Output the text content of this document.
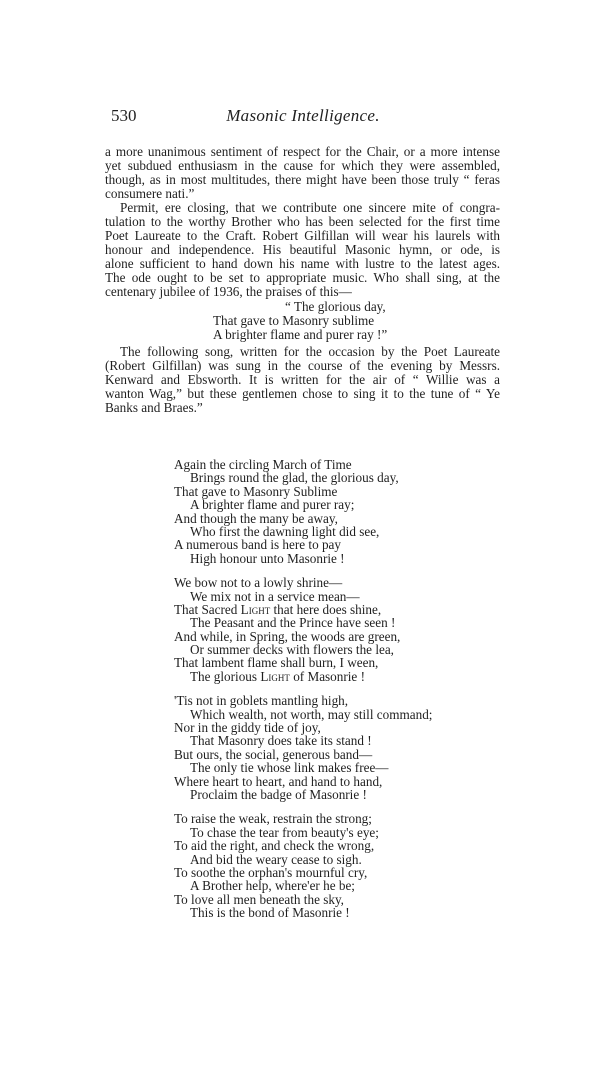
530	Masonic Intelligence.
a more unanimous sentiment of respect for the Chair, or a more intense
yet subdued enthusiasm in the cause for which they were assembled,
though, as in most multitudes, there might have been those truly “ feras
consumere nati.”
Permit, ere closing, that we contribute one sincere mite of congra-
tulation to the worthy Brother who has been selected for the first time
Poet Laureate to the Craft. Robert Gilfillan will wear his laurels with
honour and independence. His beautiful Masonic hymn, or ode, is
alone sufficient to hand down his name with lustre to the latest ages.
The ode ought to be set to appropriate music. Who shall sing, at the
centenary jubilee of 1936, the praises of this—
“ The glorious day,
That gave to Masonry sublime
A brighter flame and purer ray !”
The following song, written for the occasion by the Poet Laureate
(Robert Gilfillan) was sung in the course of the evening by Messrs.
Kenward and Ebsworth. It is written for the air of “ Willie was a
wanton Wag,” but these gentlemen chose to sing it to the tune of “ Ye
Banks and Braes.”
Again the circling March of Time
Brings round the glad, the glorious day,
That gave to Masonry Sublime
A brighter flame and purer ray;
And though the many be away,
Who first the dawning light did see,
A numerous band is here to pay
High honour unto Masonrie !
We bow not to a lowly shrine—
We mix not in a service mean—
That Sacred Light that here does shine,
The Peasant and the Prince have seen !
And while, in Spring, the woods are green,
Or summer decks with flowers the lea,
That lambent flame shall burn, I ween,
The glorious Light of Masonrie !
'Tis not in goblets mantling high,
Which wealth, not worth, may still command;
Nor in the giddy tide of joy,
That Masonry does take its stand !
But ours, the social, generous band—
The only tie whose link makes free—
Where heart to heart, and hand to hand,
Proclaim the badge of Masonrie !
To raise the weak, restrain the strong;
To chase the tear from beauty's eye;
To aid the right, and check the wrong,
And bid the weary cease to sigh.
To soothe the orphan's mournful cry,
A Brother help, where'er he be;
To love all men beneath the sky,
This is the bond of Masonrie !
